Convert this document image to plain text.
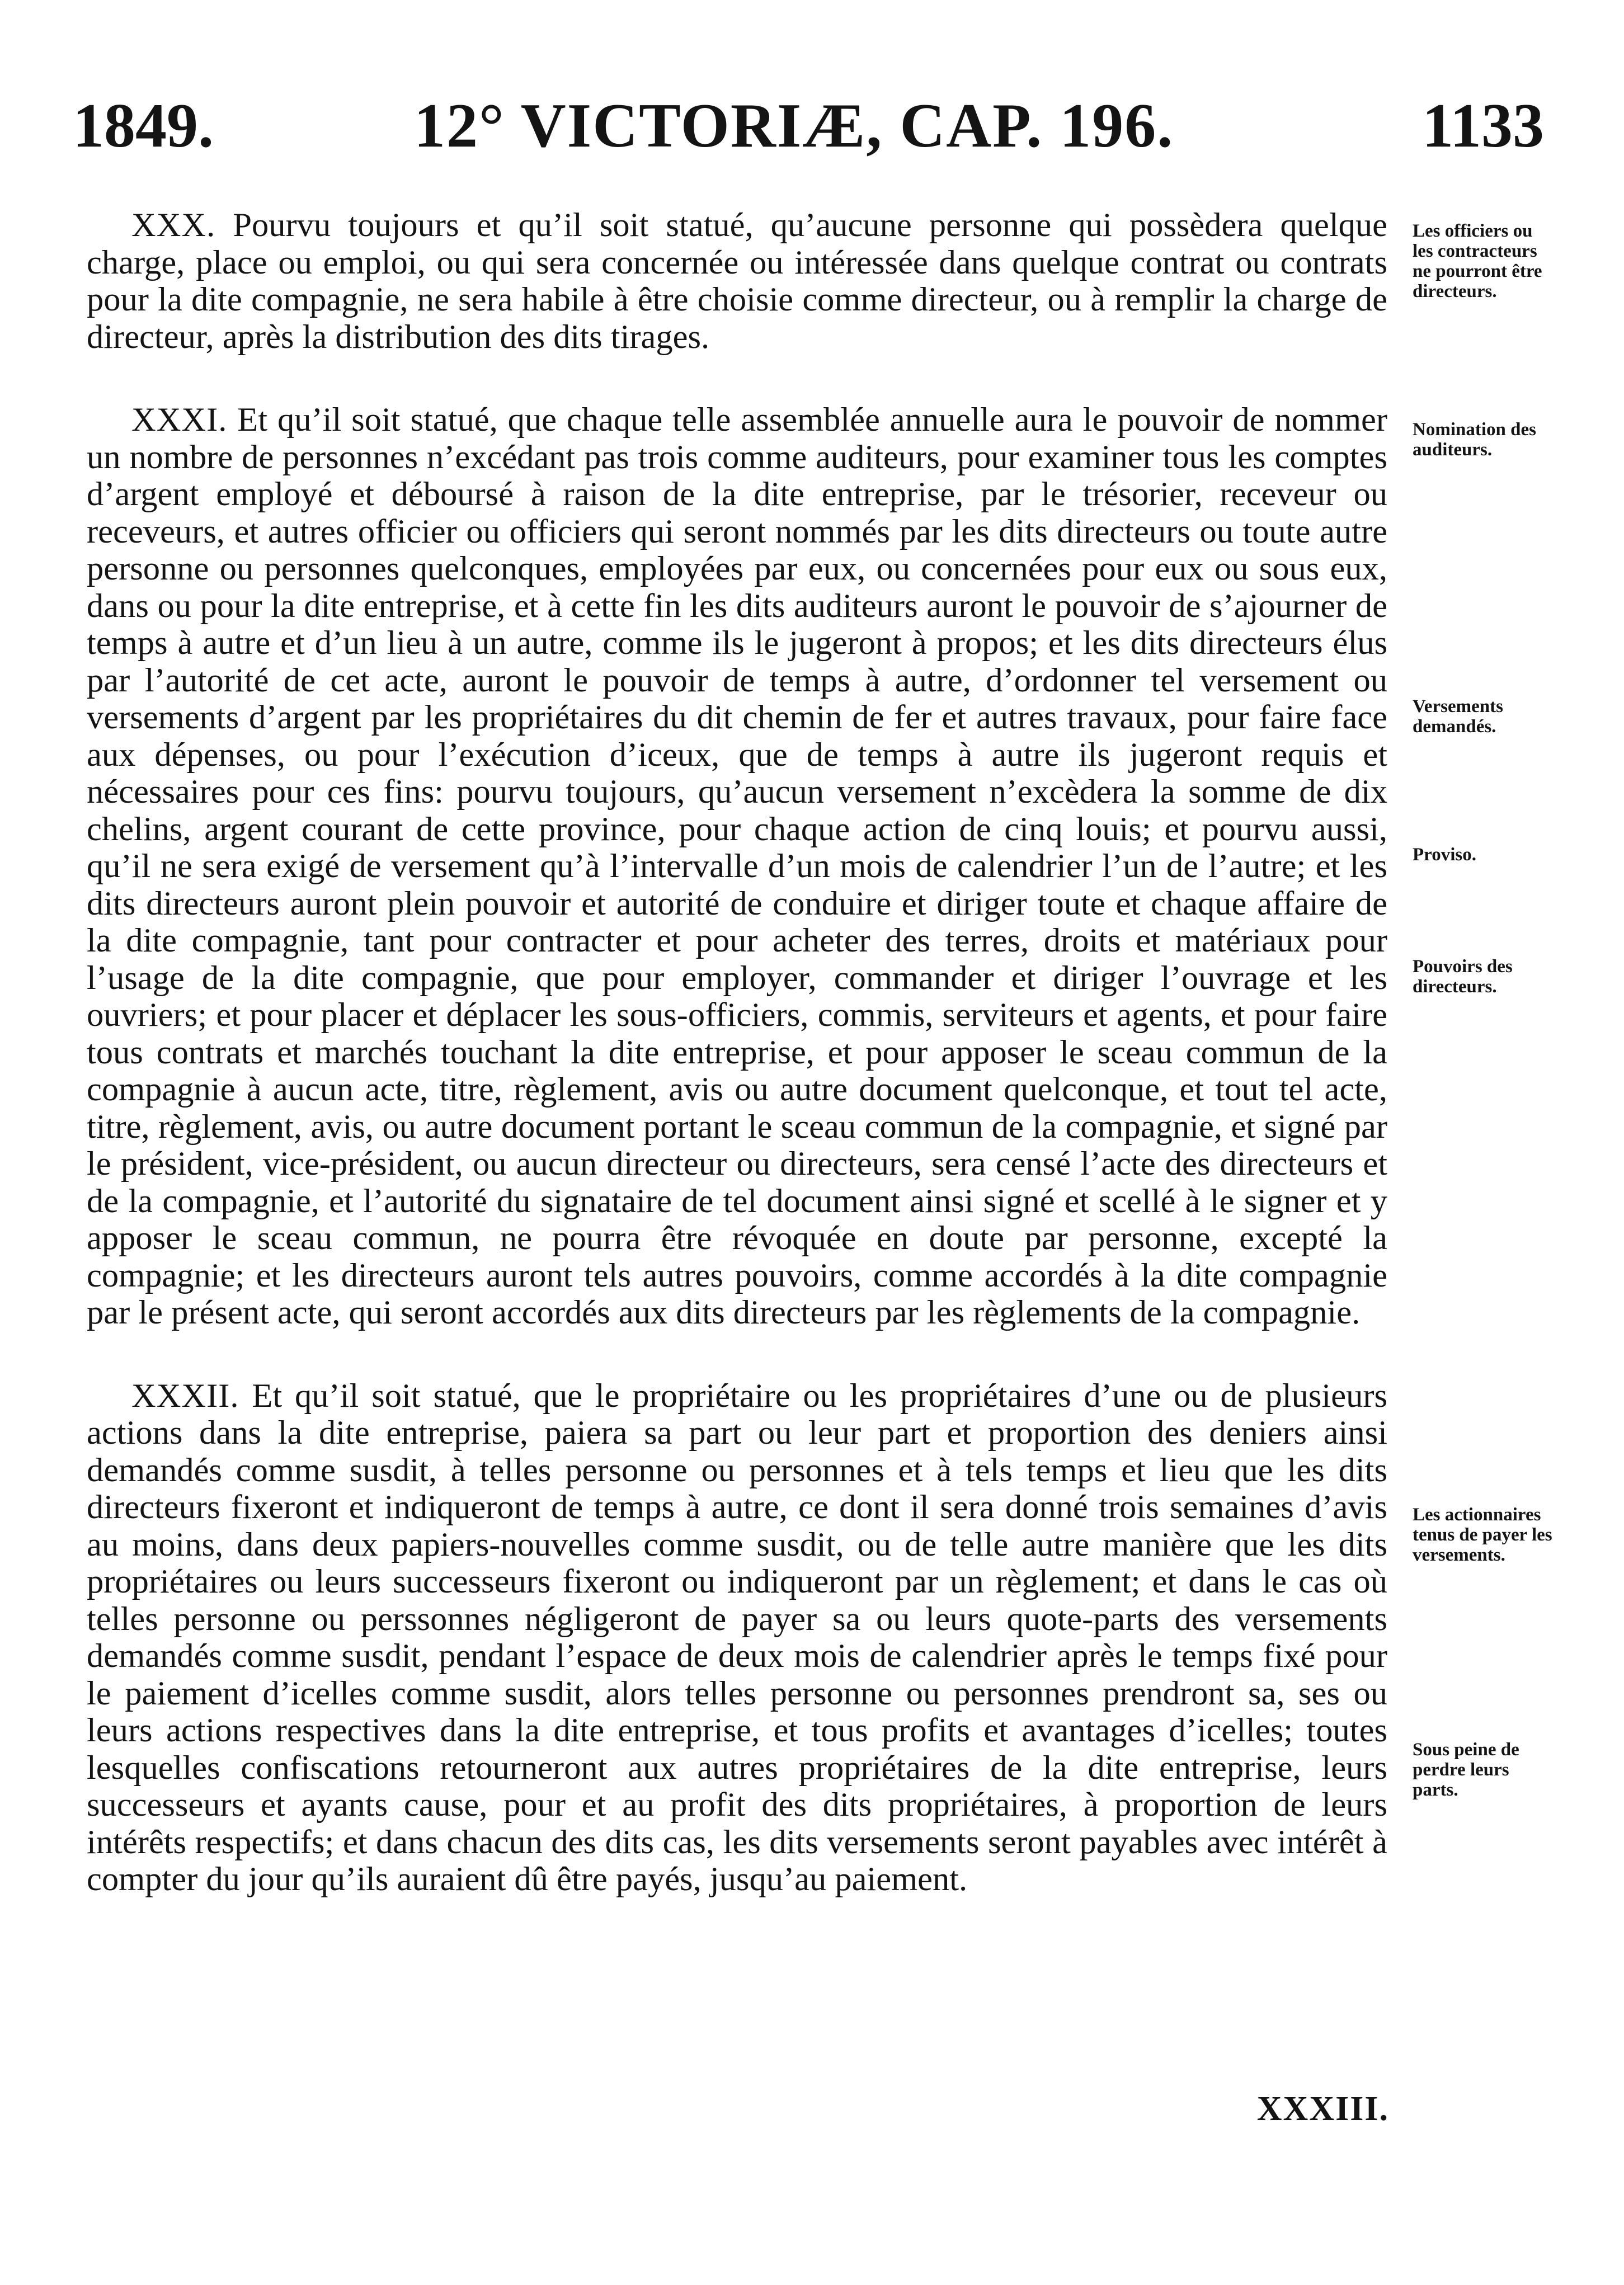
1849.	12° VICTORIÆ, CAP. 196.	1133

XXX. Pourvu toujours et qu’il soit statué, qu’aucune personne qui possèdera quelque charge, place ou emploi, ou qui sera concernée ou intéressée dans quelque contrat ou contrats pour la dite compagnie, ne sera habile à être choisie comme directeur, ou à remplir la charge de directeur, après la distribution des dits tirages.

XXXI. Et qu’il soit statué, que chaque telle assemblée annuelle aura le pouvoir de nommer un nombre de personnes n’excédant pas trois comme auditeurs, pour examiner tous les comptes d’argent employé et déboursé à raison de la dite entreprise, par le trésorier, receveur ou receveurs, et autres officier ou officiers qui seront nommés par les dits directeurs ou toute autre personne ou personnes quelconques, employées par eux, ou concernées pour eux ou sous eux, dans ou pour la dite entreprise, et à cette fin les dits auditeurs auront le pouvoir de s’ajourner de temps à autre et d’un lieu à un autre, comme ils le jugeront à propos; et les dits directeurs élus par l’autorité de cet acte, auront le pouvoir de temps à autre, d’ordonner tel versement ou versements d’argent par les propriétaires du dit chemin de fer et autres travaux, pour faire face aux dépenses, ou pour l’exécution d’iceux, que de temps à autre ils jugeront requis et nécessaires pour ces fins: pourvu toujours, qu’aucun versement n’excèdera la somme de dix chelins, argent courant de cette province, pour chaque action de cinq louis; et pourvu aussi, qu’il ne sera exigé de versement qu’à l’intervalle d’un mois de calendrier l’un de l’autre; et les dits directeurs auront plein pouvoir et autorité de conduire et diriger toute et chaque affaire de la dite compagnie, tant pour contracter et pour acheter des terres, droits et matériaux pour l’usage de la dite compagnie, que pour employer, commander et diriger l’ouvrage et les ouvriers; et pour placer et déplacer les sous-officiers, commis, serviteurs et agents, et pour faire tous contrats et marchés touchant la dite entreprise, et pour apposer le sceau commun de la compagnie à aucun acte, titre, règlement, avis ou autre document quelconque, et tout tel acte, titre, règlement, avis, ou autre document portant le sceau commun de la compagnie, et signé par le président, vice-président, ou aucun directeur ou directeurs, sera censé l’acte des directeurs et de la compagnie, et l’autorité du signataire de tel document ainsi signé et scellé à le signer et y apposer le sceau commun, ne pourra être révoquée en doute par personne, excepté la compagnie; et les directeurs auront tels autres pouvoirs, comme accordés à la dite compagnie par le présent acte, qui seront accordés aux dits directeurs par les règlements de la compagnie.

XXXII. Et qu’il soit statué, que le propriétaire ou les propriétaires d’une ou de plusieurs actions dans la dite entreprise, paiera sa part ou leur part et proportion des deniers ainsi demandés comme susdit, à telles personne ou personnes et à tels temps et lieu que les dits directeurs fixeront et indiqueront de temps à autre, ce dont il sera donné trois semaines d’avis au moins, dans deux papiers-nouvelles comme susdit, ou de telle autre manière que les dits propriétaires ou leurs successeurs fixeront ou indiqueront par un règlement; et dans le cas où telles personne ou perssonnes négligeront de payer sa ou leurs quote-parts des versements demandés comme susdit, pendant l’espace de deux mois de calendrier après le temps fixé pour le paiement d’icelles comme susdit, alors telles personne ou personnes prendront sa, ses ou leurs actions respectives dans la dite entreprise, et tous profits et avantages d’icelles; toutes lesquelles confiscations retourneront aux autres propriétaires de la dite entreprise, leurs successeurs et ayants cause, pour et au profit des dits propriétaires, à proportion de leurs intérêts respectifs; et dans chacun des dits cas, les dits versements seront payables avec intérêt à compter du jour qu’ils auraient dû être payés, jusqu’au paiement.

Les officiers ou les contracteurs ne pourront être directeurs.
Nomination des auditeurs.
Versements demandés.
Proviso.
Pouvoirs des directeurs.
Les actionnaires tenus de payer les versements.
Sous peine de perdre leurs parts.
XXXIII.
